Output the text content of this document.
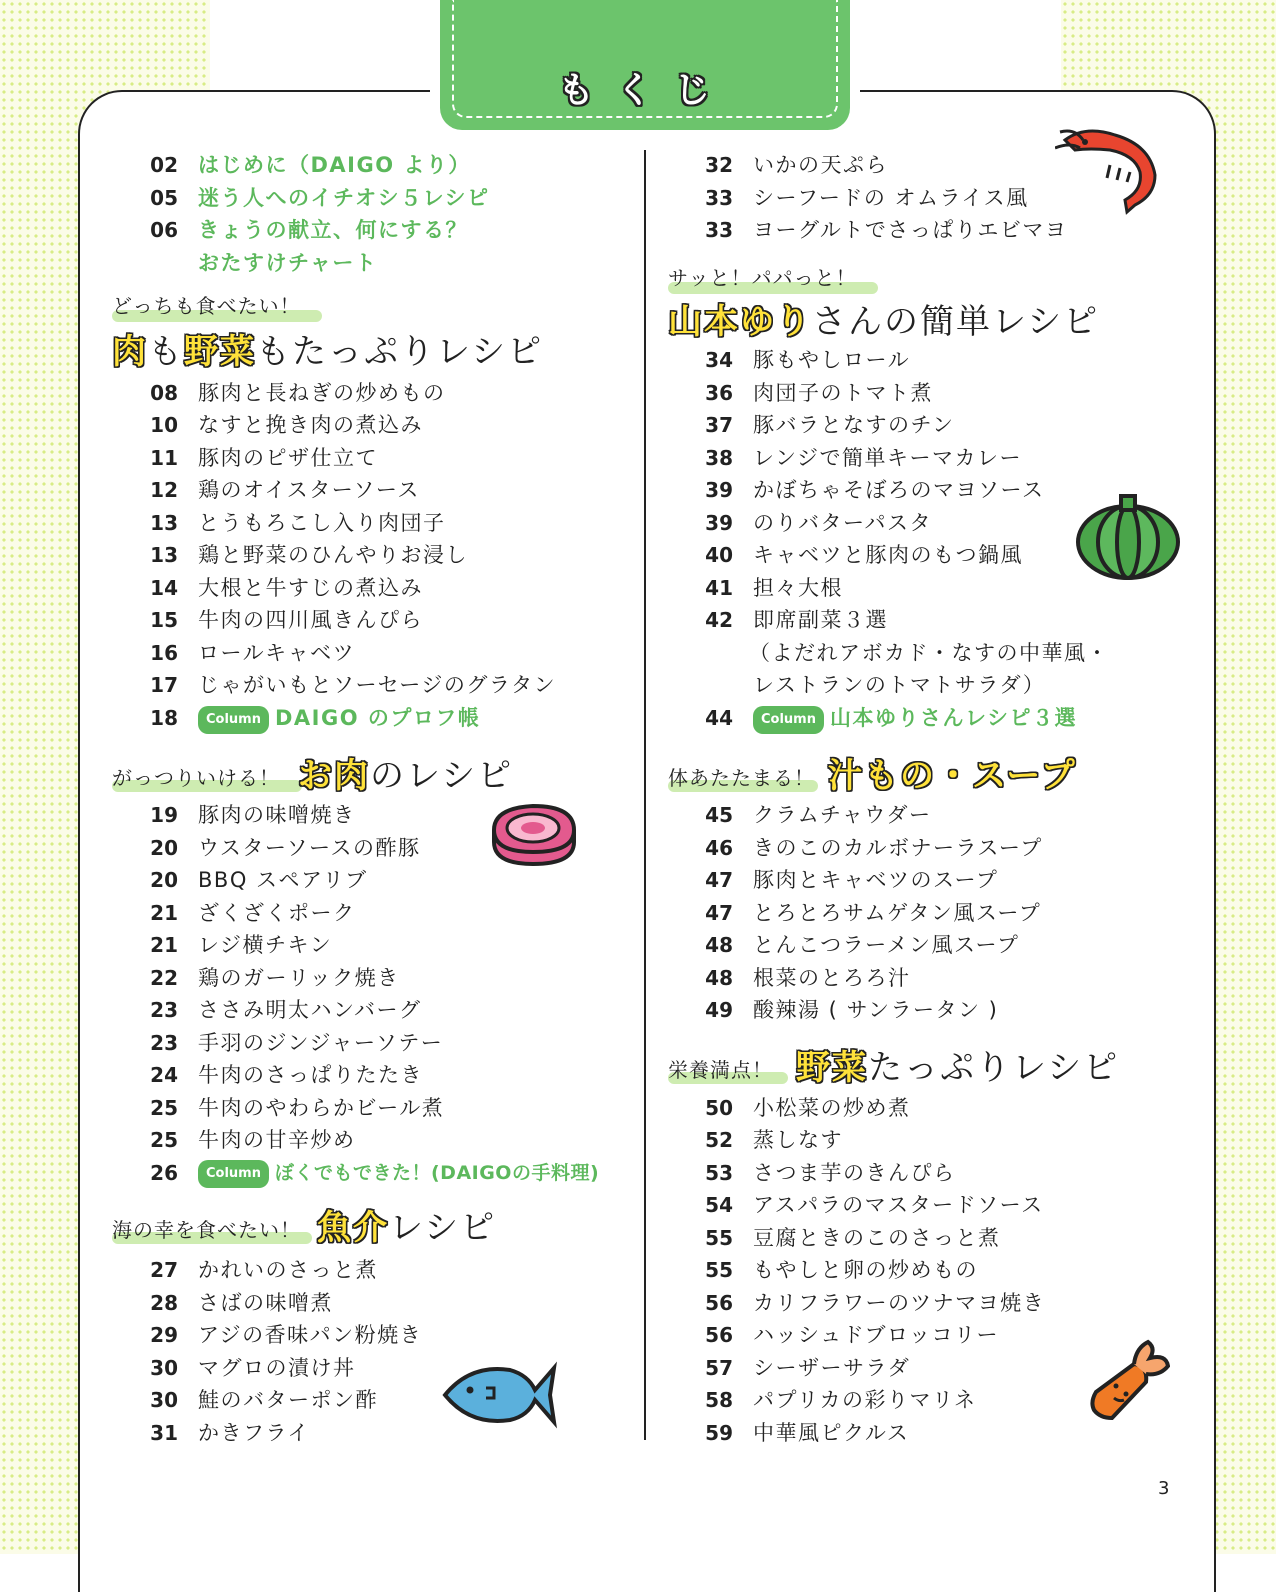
もくじ
02 はじめに（DAIGO より）
05 迷う人へのイチオシ５レシピ
06 きょうの献立、何にする？
おたすけチャート
どっちも食べたい！
肉も野菜もたっぷりレシピ
08 豚肉と長ねぎの炒めもの
10 なすと挽き肉の煮込み
11 豚肉のピザ仕立て
12 鶏のオイスターソース
13 とうもろこし入り肉団子
13 鶏と野菜のひんやりお浸し
14 大根と牛すじの煮込み
15 牛肉の四川風きんぴら
16 ロールキャベツ
17 じゃがいもとソーセージのグラタン
18	Column DAIGO のプロフ帳
がっつりいける！ お肉のレシピ
19 豚肉の味噌焼き
20 ウスターソースの酢豚
20 BBQ スペアリブ
21 ざくざくポーク
21 レジ横チキン
22 鶏のガーリック焼き
23 ささみ明太ハンバーグ
23 手羽のジンジャーソテー
24 牛肉のさっぱりたたき
25 牛肉のやわらかビール煮
25 牛肉の甘辛炒め
26	Column ぼくでもできた！(DAIGOの手料理)
海の幸を食べたい！ 魚介レシピ
27 かれいのさっと煮
28 さばの味噌煮
29 アジの香味パン粉焼き
30 マグロの漬け丼
30 鮭のバターポン酢
31 かきフライ
32 いかの天ぷら
33 シーフードの オムライス風
33 ヨーグルトでさっぱりエビマヨ
サッと！パパっと！
山本ゆりさんの簡単レシピ
34 豚もやしロール
36 肉団子のトマト煮
37 豚バラとなすのチン
38 レンジで簡単キーマカレー
39 かぼちゃそぼろのマヨソース
39 のりバターパスタ
40 キャベツと豚肉のもつ鍋風
41 担々大根
42 即席副菜３選
（よだれアボカド・なすの中華風・
レストランのトマトサラダ）
44	Column 山本ゆりさんレシピ３選
体あたたまる！ 汁もの・スープ
45 クラムチャウダー
46 きのこのカルボナーラスープ
47 豚肉とキャベツのスープ
47 とろとろサムゲタン風スープ
48 とんこつラーメン風スープ
48 根菜のとろろ汁
49 酸辣湯 ( サンラータン )
栄養満点！ 野菜たっぷりレシピ
50 小松菜の炒め煮
52 蒸しなす
53 さつま芋のきんぴら
54 アスパラのマスタードソース
55 豆腐ときのこのさっと煮
55 もやしと卵の炒めもの
56 カリフラワーのツナマヨ焼き
56 ハッシュドブロッコリー
57 シーザーサラダ
58 パプリカの彩りマリネ
59 中華風ピクルス
3
